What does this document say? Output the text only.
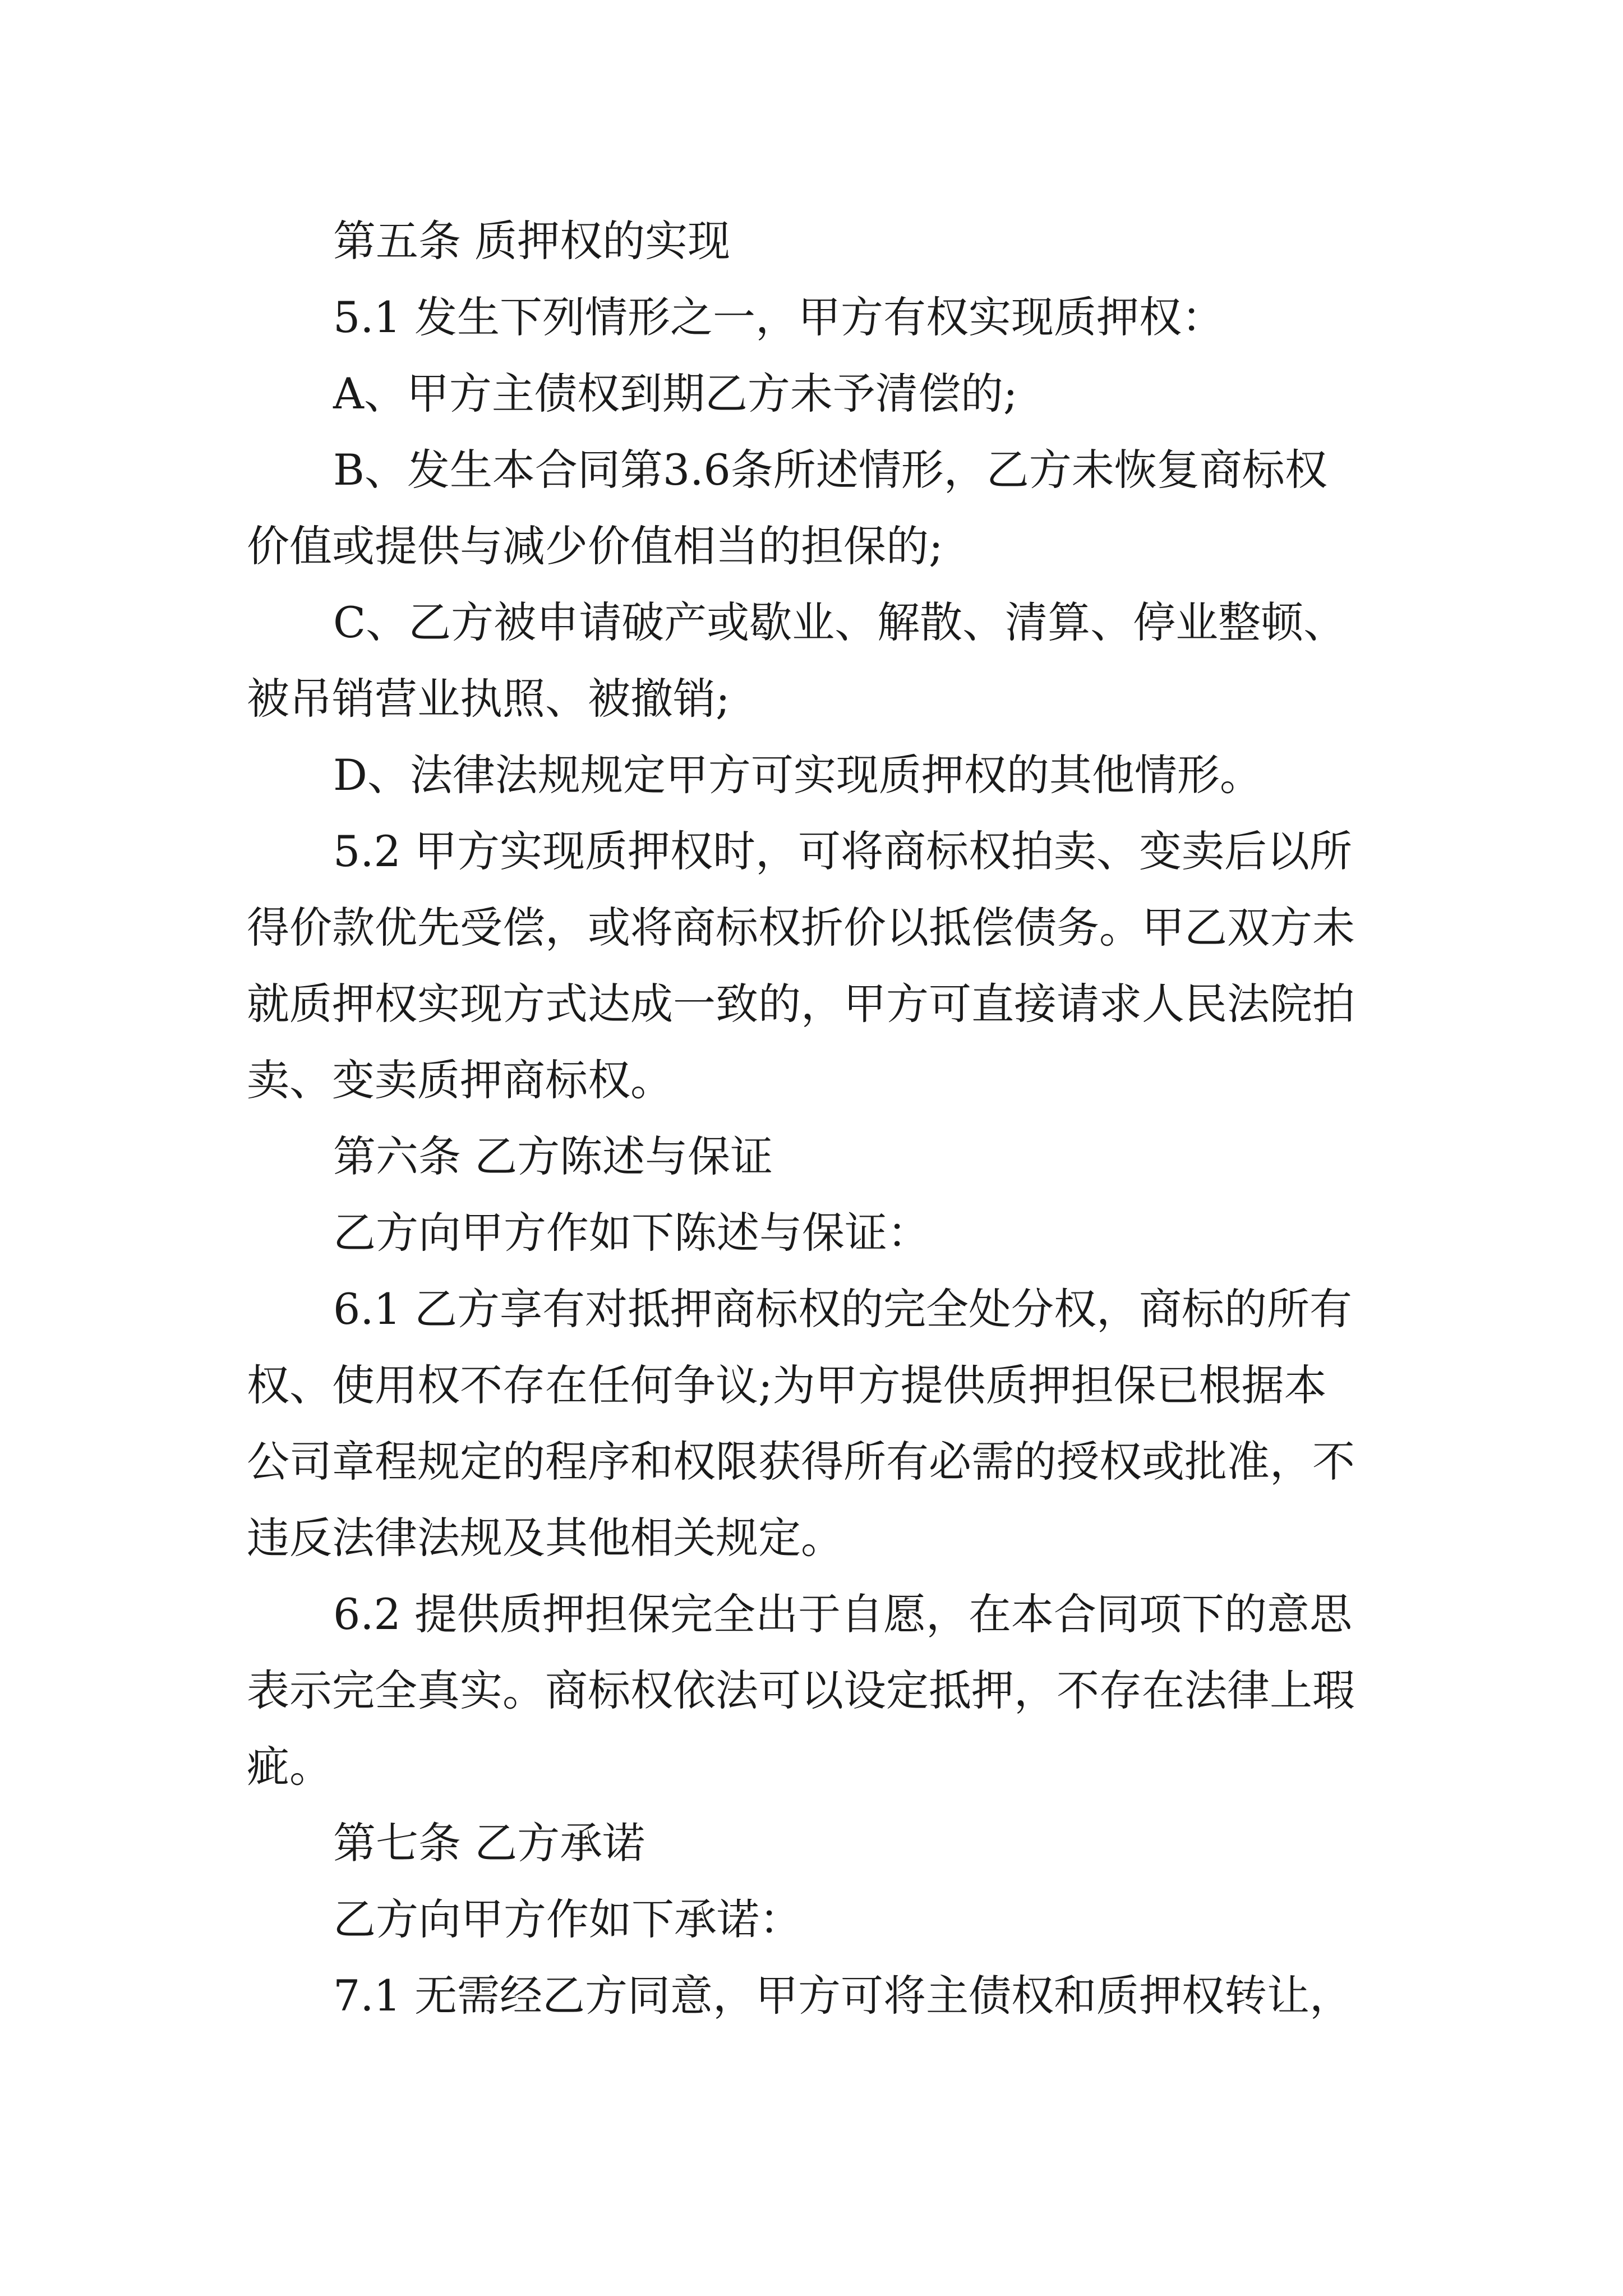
第五条 质押权的实现

5.1 发生下列情形之一，甲方有权实现质押权：

A、甲方主债权到期乙方未予清偿的;

B、发生本合同第3.6条所述情形，乙方未恢复商标权

价值或提供与减少价值相当的担保的;

C、乙方被申请破产或歇业、解散、清算、停业整顿、

被吊销营业执照、被撤销;

D、法律法规规定甲方可实现质押权的其他情形。

5.2 甲方实现质押权时，可将商标权拍卖、变卖后以所

得价款优先受偿，或将商标权折价以抵偿债务。甲乙双方未

就质押权实现方式达成一致的，甲方可直接请求人民法院拍

卖、变卖质押商标权。

第六条 乙方陈述与保证

乙方向甲方作如下陈述与保证：

6.1 乙方享有对抵押商标权的完全处分权，商标的所有

权、使用权不存在任何争议;为甲方提供质押担保已根据本

公司章程规定的程序和权限获得所有必需的授权或批准，不

违反法律法规及其他相关规定。

6.2 提供质押担保完全出于自愿，在本合同项下的意思

表示完全真实。商标权依法可以设定抵押，不存在法律上瑕

疵。

第七条 乙方承诺

乙方向甲方作如下承诺：

7.1 无需经乙方同意，甲方可将主债权和质押权转让，
